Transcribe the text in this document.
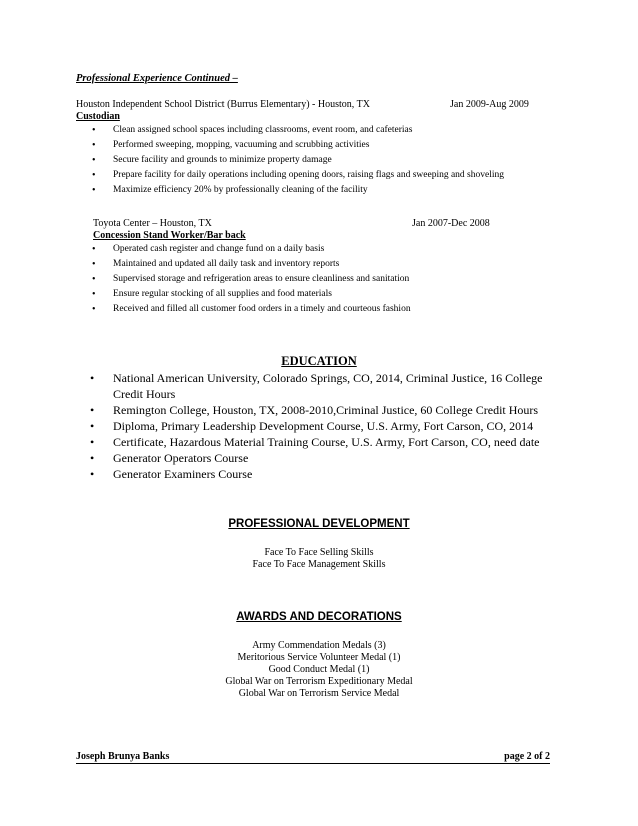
Professional Experience Continued –
Houston Independent School District (Burrus Elementary) - Houston, TX	Jan 2009-Aug 2009
Custodian
• Clean assigned school spaces including classrooms, event room, and cafeterias
• Performed sweeping, mopping, vacuuming and scrubbing activities
• Secure facility and grounds to minimize property damage
• Prepare facility for daily operations including opening doors, raising flags and sweeping and shoveling
• Maximize efficiency 20% by professionally cleaning of the facility
Toyota Center – Houston, TX	Jan 2007-Dec 2008
Concession Stand Worker/Bar back
• Operated cash register and change fund on a daily basis
• Maintained and updated all daily task and inventory reports
• Supervised storage and refrigeration areas to ensure cleanliness and sanitation
• Ensure regular stocking of all supplies and food materials
• Received and filled all customer food orders in a timely and courteous fashion
EDUCATION
• National American University, Colorado Springs, CO, 2014, Criminal Justice, 16 College Credit Hours
• Remington College, Houston, TX, 2008-2010,Criminal Justice, 60 College Credit Hours
• Diploma, Primary Leadership Development Course, U.S. Army, Fort Carson, CO, 2014
• Certificate, Hazardous Material Training Course, U.S. Army, Fort Carson, CO, need date
• Generator Operators Course
• Generator Examiners Course
PROFESSIONAL DEVELOPMENT
Face To Face Selling Skills
Face To Face Management Skills
AWARDS AND DECORATIONS
Army Commendation Medals (3)
Meritorious Service Volunteer Medal (1)
Good Conduct Medal (1)
Global War on Terrorism Expeditionary Medal
Global War on Terrorism Service Medal
Joseph Brunya Banks	page 2 of 2
